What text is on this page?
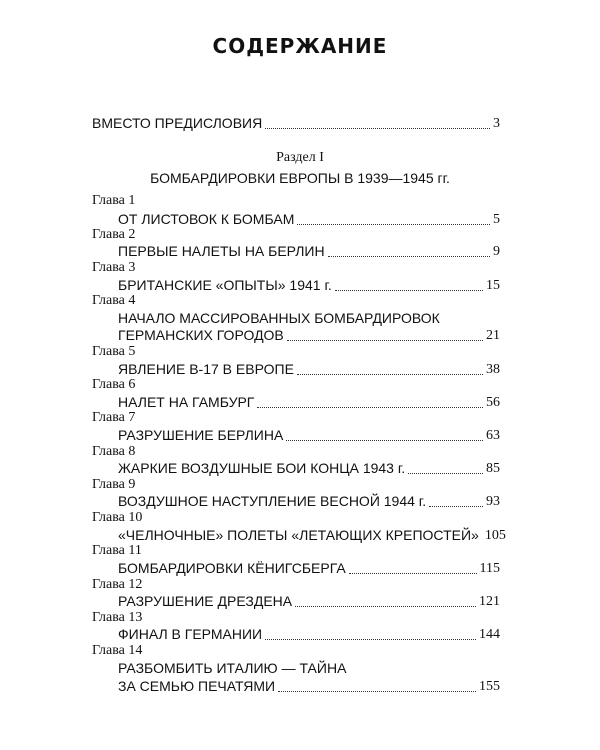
СОДЕРЖАНИЕ
ВМЕСТО ПРЕДИСЛОВИЯ	3
Раздел I
БОМБАРДИРОВКИ ЕВРОПЫ В 1939—1945 гг.
Глава 1
ОТ ЛИСТОВОК К БОМБАМ	5
Глава 2
ПЕРВЫЕ НАЛЕТЫ НА БЕРЛИН	9
Глава 3
БРИТАНСКИЕ «ОПЫТЫ» 1941 г.	15
Глава 4
НАЧАЛО МАССИРОВАННЫХ БОМБАРДИРОВОК
ГЕРМАНСКИХ ГОРОДОВ	21
Глава 5
ЯВЛЕНИЕ В-17 В ЕВРОПЕ	38
Глава 6
НАЛЕТ НА ГАМБУРГ	56
Глава 7
РАЗРУШЕНИЕ БЕРЛИНА	63
Глава 8
ЖАРКИЕ ВОЗДУШНЫЕ БОИ КОНЦА 1943 г.	85
Глава 9
ВОЗДУШНОЕ НАСТУПЛЕНИЕ ВЕСНОЙ 1944 г.	93
Глава 10
«ЧЕЛНОЧНЫЕ» ПОЛЕТЫ «ЛЕТАЮЩИХ КРЕПОСТЕЙ» 105
Глава 11
БОМБАРДИРОВКИ КЁНИГСБЕРГА	115
Глава 12
РАЗРУШЕНИЕ ДРЕЗДЕНА	121
Глава 13
ФИНАЛ В ГЕРМАНИИ	144
Глава 14
РАЗБОМБИТЬ ИТАЛИЮ — ТАЙНА
ЗА СЕМЬЮ ПЕЧАТЯМИ	155
